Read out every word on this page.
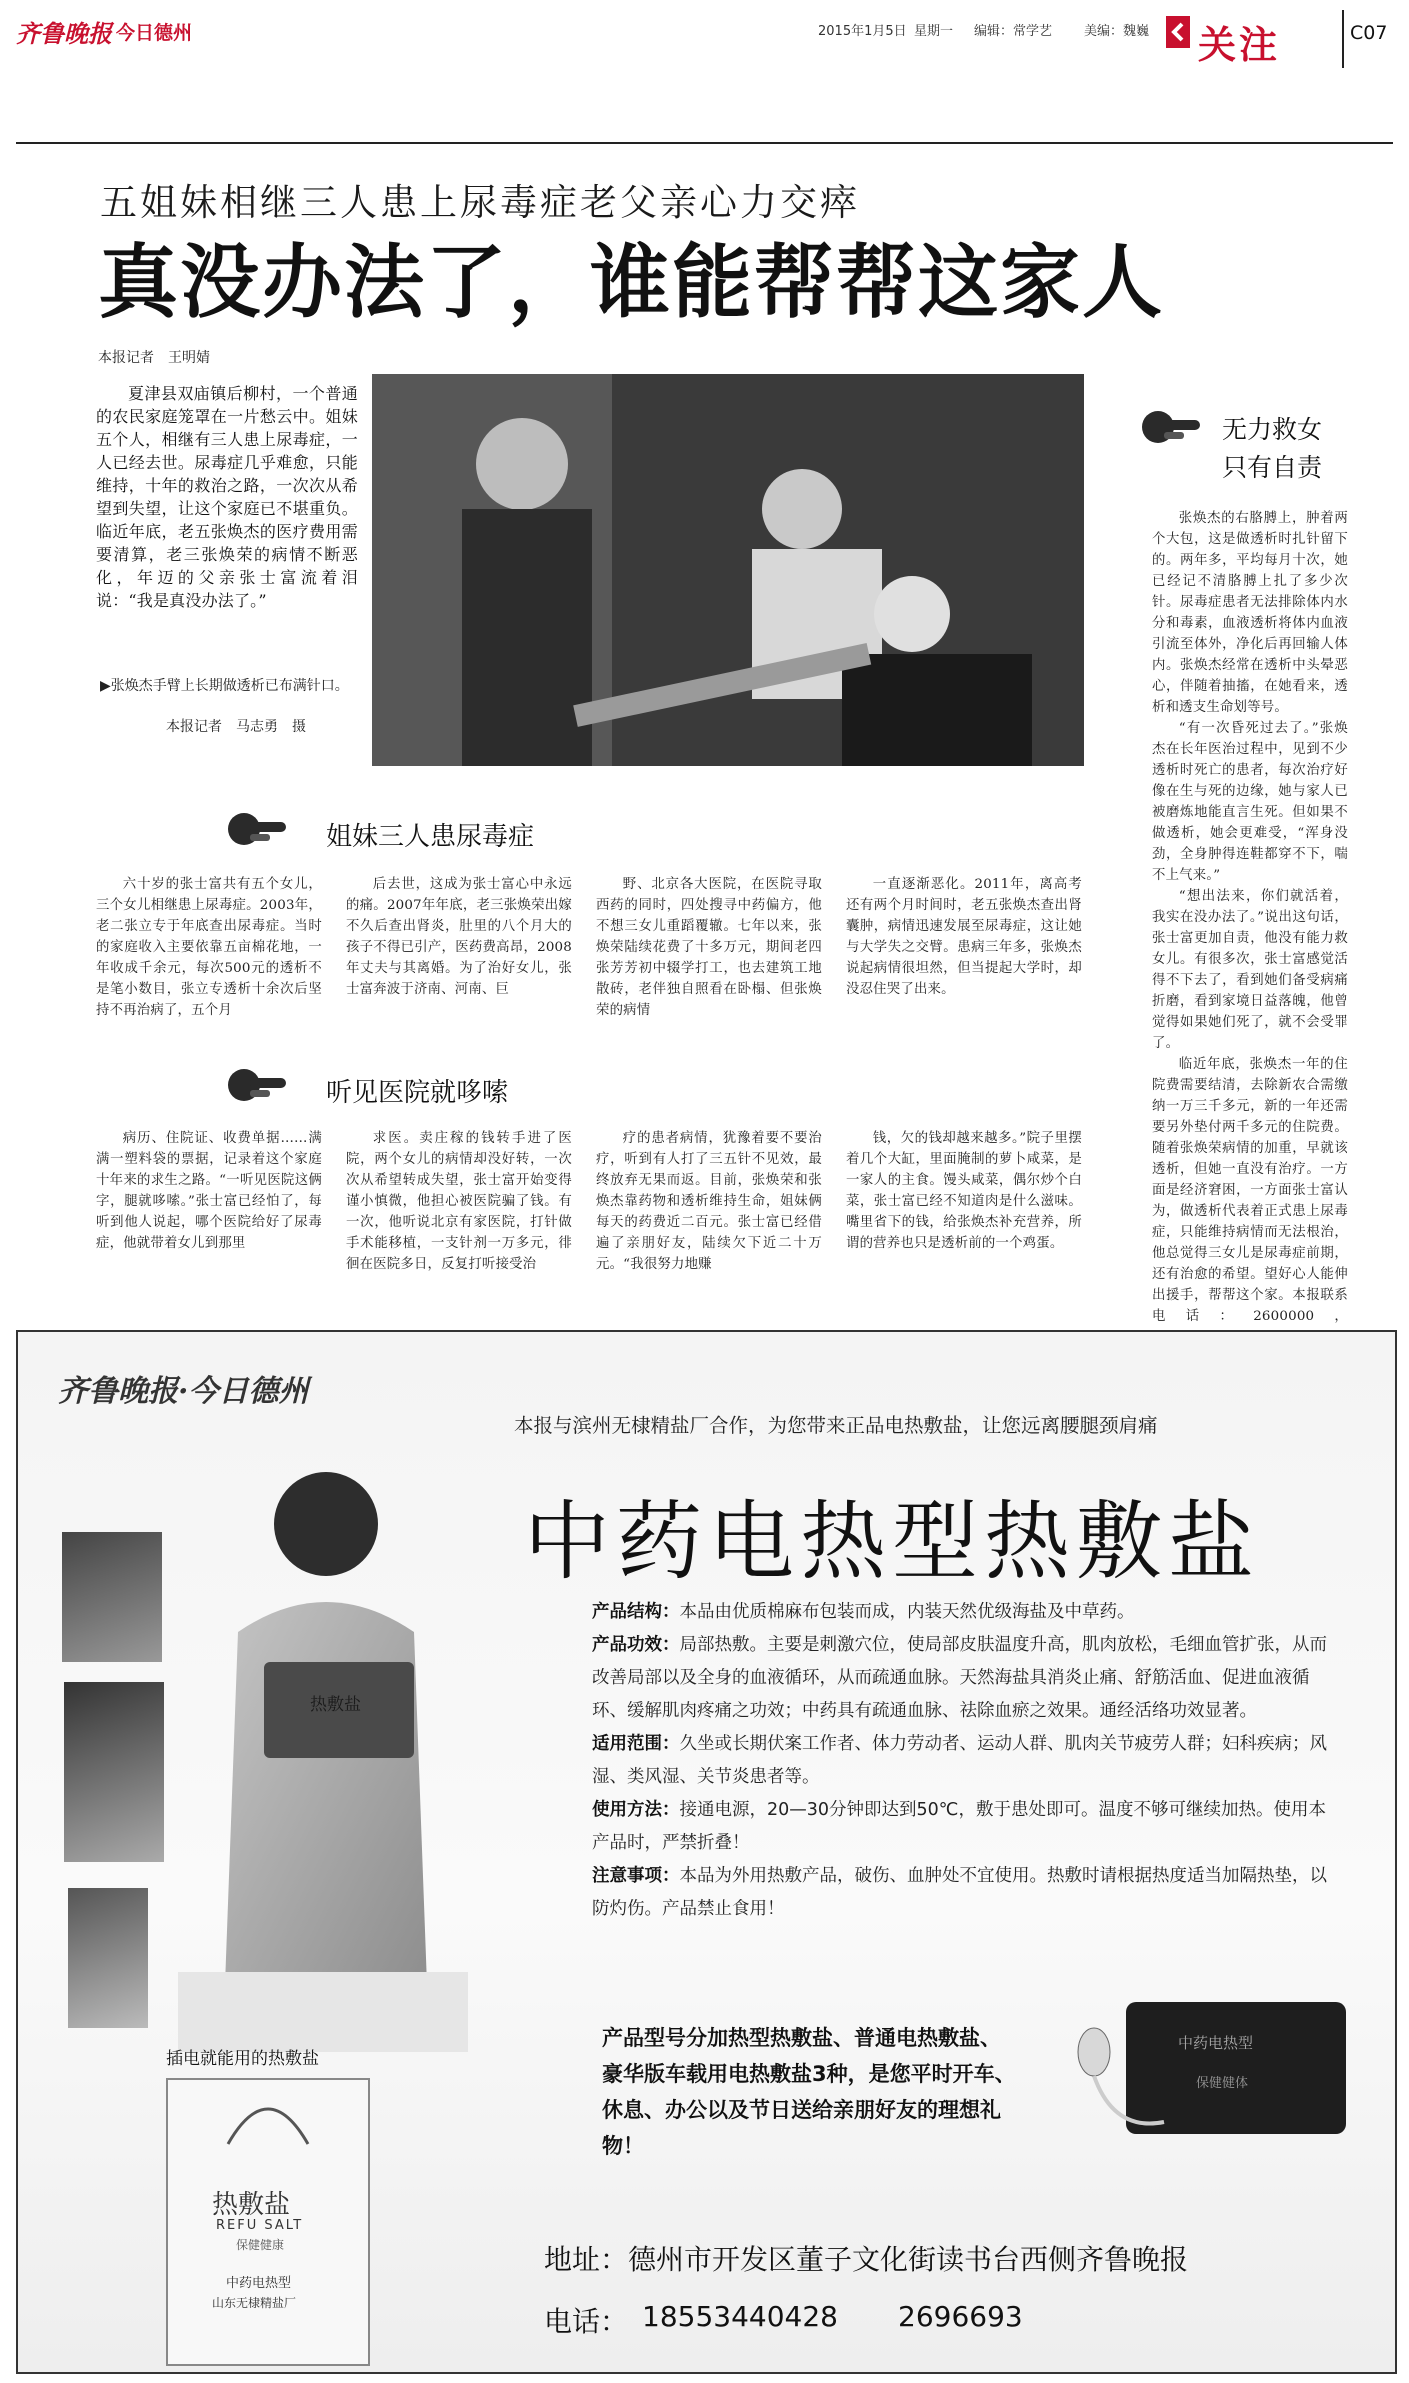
齐鲁晚报 今日德州	2015年1月5日 星期一 编辑：常学艺 美编：魏巍 关注	C07
五姐妹相继三人患上尿毒症老父亲心力交瘁
真没办法了，谁能帮帮这家人
本报记者　王明婧

夏津县双庙镇后柳村，一个普通的农民家庭笼罩在一片愁云中。姐妹五个人，相继有三人患上尿毒症，一人已经去世。尿毒症几乎难愈，只能维持，十年的救治之路，一次次从希望到失望，让这个家庭已不堪重负。临近年底，老五张焕杰的医疗费用需要清算，老三张焕荣的病情不断恶化，年迈的父亲张士富流着泪说：“我是真没办法了。”

▶张焕杰手臂上长期做透析已布满针口。
本报记者　马志勇　摄
无力救女
只有自责

张焕杰的右胳膊上，肿着两个大包，这是做透析时扎针留下的。两年多，平均每月十次，她已经记不清胳膊上扎了多少次针。尿毒症患者无法排除体内水分和毒素，血液透析将体内血液引流至体外，净化后再回输人体内。张焕杰经常在透析中头晕恶心，伴随着抽搐，在她看来，透析和透支生命划等号。

“有一次昏死过去了。”张焕杰在长年医治过程中，见到不少透析时死亡的患者，每次治疗好像在生与死的边缘，她与家人已被磨炼地能直言生死。但如果不做透析，她会更难受，“浑身没劲，全身肿得连鞋都穿不下，喘不上气来。”

“想出法来，你们就活着，我实在没办法了。”说出这句话，张士富更加自责，他没有能力救女儿。有很多次，张士富感觉活得不下去了，看到她们备受病痛折磨，看到家境日益落魄，他曾觉得如果她们死了，就不会受罪了。

临近年底，张焕杰一年的住院费需要结清，去除新农合需缴纳一万三千多元，新的一年还需要另外垫付两千多元的住院费。随着张焕荣病情的加重，早就该透析，但她一直没有治疗。一方面是经济窘困，一方面张士富认为，做透析代表着正式患上尿毒症，只能维持病情而无法根治，他总觉得三女儿是尿毒症前期，还有治愈的希望。望好心人能伸出援手，帮帮这个家。本报联系电话：2600000，

姐妹三人患尿毒症

六十岁的张士富共有五个女儿，三个女儿相继患上尿毒症。2003年，老二张立专于年底查出尿毒症。当时的家庭收入主要依靠五亩棉花地，一年收成千余元，每次500元的透析不是笔小数目，张立专透析十余次后坚持不再治病了，五个月

后去世，这成为张士富心中永远的痛。2007年年底，老三张焕荣出嫁不久后查出肾炎，肚里的八个月大的孩子不得已引产，医药费高昂，2008年丈夫与其离婚。为了治好女儿，张士富奔波于济南、河南、巨

野、北京各大医院，在医院寻取西药的同时，四处搜寻中药偏方，他不想三女儿重蹈覆辙。七年以来，张焕荣陆续花费了十多万元，期间老四张芳芳初中辍学打工，也去建筑工地散砖，老伴独自照看在卧榻、但张焕荣的病情

一直逐渐恶化。2011年，离高考还有两个月时间时，老五张焕杰查出肾囊肿，病情迅速发展至尿毒症，这让她与大学失之交臂。患病三年多，张焕杰说起病情很坦然，但当提起大学时，却没忍住哭了出来。

听见医院就哆嗦

病历、住院证、收费单据……满满一塑料袋的票据，记录着这个家庭十年来的求生之路。“一听见医院这俩字，腿就哆嗦。”张士富已经怕了，每听到他人说起，哪个医院给好了尿毒症，他就带着女儿到那里

求医。卖庄稼的钱转手进了医院，两个女儿的病情却没好转，一次次从希望转成失望，张士富开始变得谨小慎微，他担心被医院骗了钱。有一次，他听说北京有家医院，打针做手术能移植，一支针剂一万多元，徘徊在医院多日，反复打听接受治

疗的患者病情，犹豫着要不要治疗，听到有人打了三五针不见效，最终放弃无果而返。目前，张焕荣和张焕杰靠药物和透析维持生命，姐妹俩每天的药费近二百元。张士富已经借遍了亲朋好友，陆续欠下近二十万元。“我很努力地赚

钱，欠的钱却越来越多。”院子里摆着几个大缸，里面腌制的萝卜咸菜，是一家人的主食。馒头咸菜，偶尔炒个白菜，张士富已经不知道肉是什么滋味。嘴里省下的钱，给张焕杰补充营养，所谓的营养也只是透析前的一个鸡蛋。

齐鲁晚报·今日德州
本报与滨州无棣精盐厂合作，为您带来正品电热敷盐，让您远离腰腿颈肩痛
中药电热型热敷盐
热敷盐
产品结构：本品由优质棉麻布包装而成，内装天然优级海盐及中草药。
产品功效：局部热敷。主要是刺激穴位，使局部皮肤温度升高，肌肉放松，毛细血管扩张，从而改善局部以及全身的血液循环，从而疏通血脉。天然海盐具消炎止痛、舒筋活血、促进血液循环、缓解肌肉疼痛之功效；中药具有疏通血脉、祛除血瘀之效果。通经活络功效显著。
适用范围：久坐或长期伏案工作者、体力劳动者、运动人群、肌肉关节疲劳人群；妇科疾病；风湿、类风湿、关节炎患者等。
使用方法：接通电源，20—30分钟即达到50℃，敷于患处即可。温度不够可继续加热。使用本产品时，严禁折叠！
注意事项：本品为外用热敷产品，破伤、血肿处不宜使用。热敷时请根据热度适当加隔热垫，以防灼伤。产品禁止食用！
产品型号分加热型热敷盐、普通电热敷盐、豪华版车载用电热敷盐3种，是您平时开车、休息、办公以及节日送给亲朋好友的理想礼物！
中药电热型
保健健体
插电就能用的热敷盐
热敷盐
REFU SALT
保健健康
中药电热型
山东无棣精盐厂
地址：德州市开发区董子文化街读书台西侧齐鲁晚报
电话： 18553440428 2696693
